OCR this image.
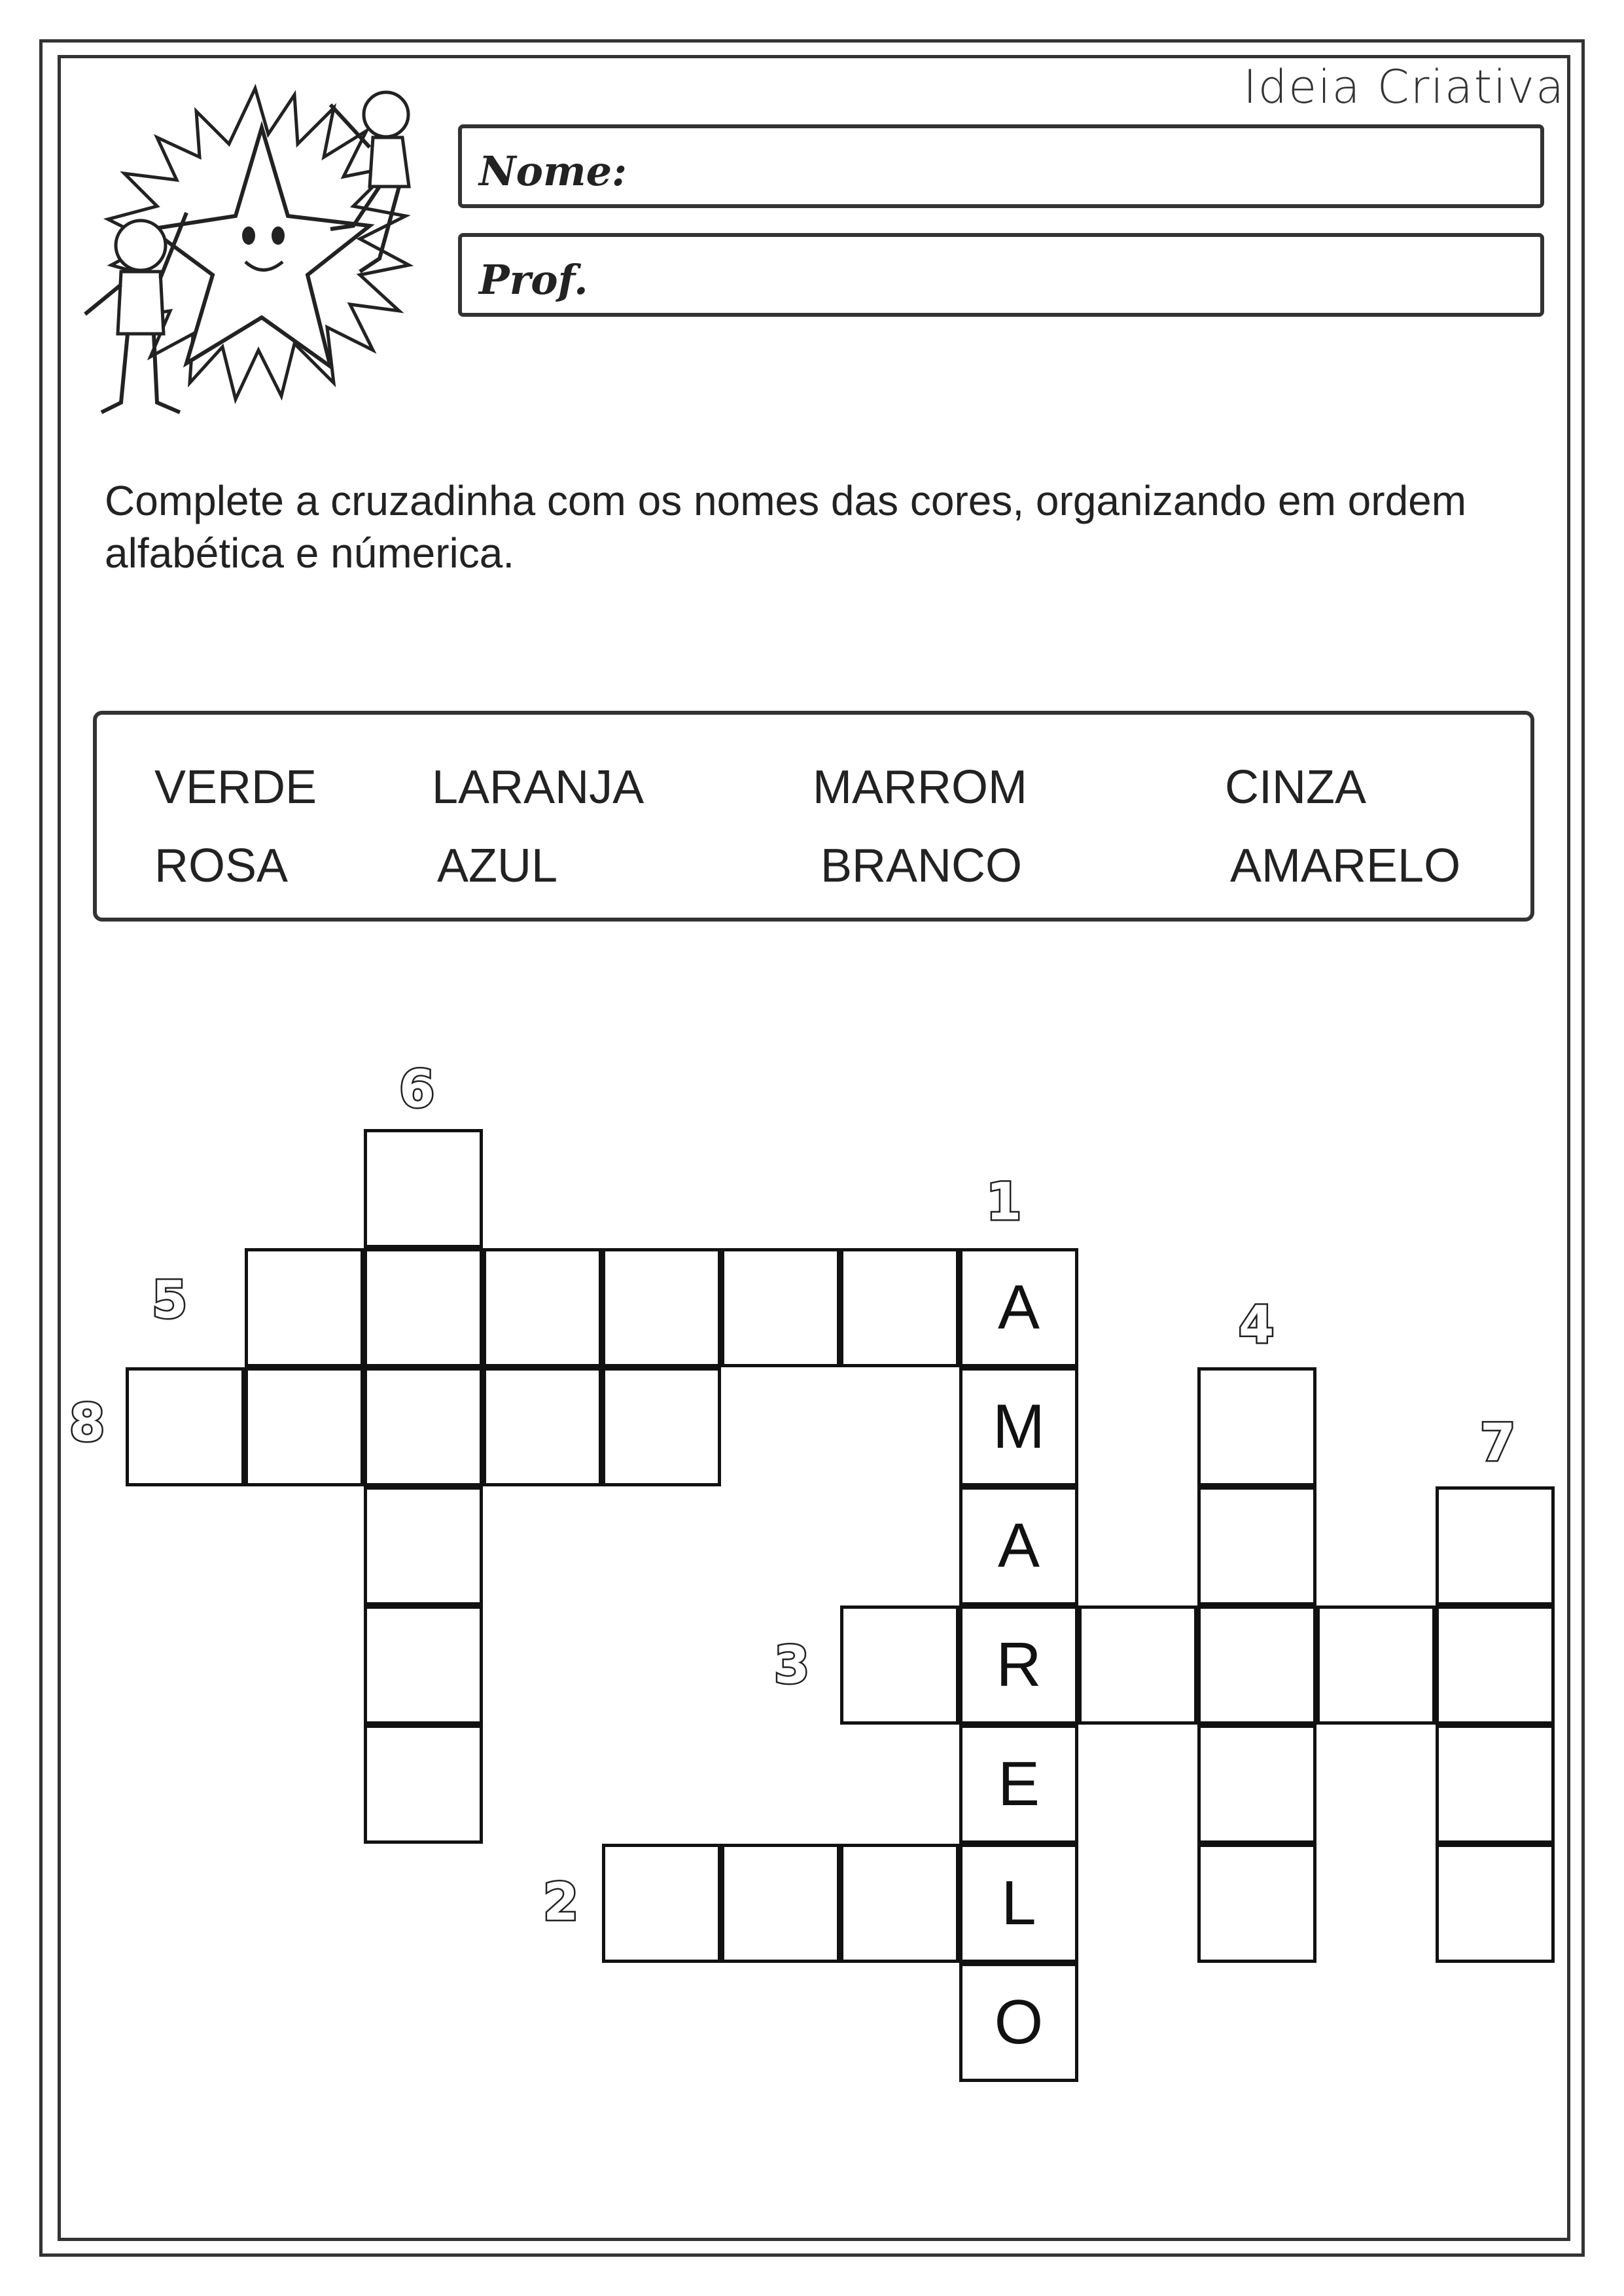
Ideia Criativa
Nome:
Prof.
Complete a cruzadinha com os nomes das cores, organizando em ordem alfabética e númerica.
VERDE LARANJA	MARROM	CINZA
ROSA	AZUL	BRANCO	AMARELO
1
2
3
4
5
6
7
8
A
M
A
R
E
L
O
